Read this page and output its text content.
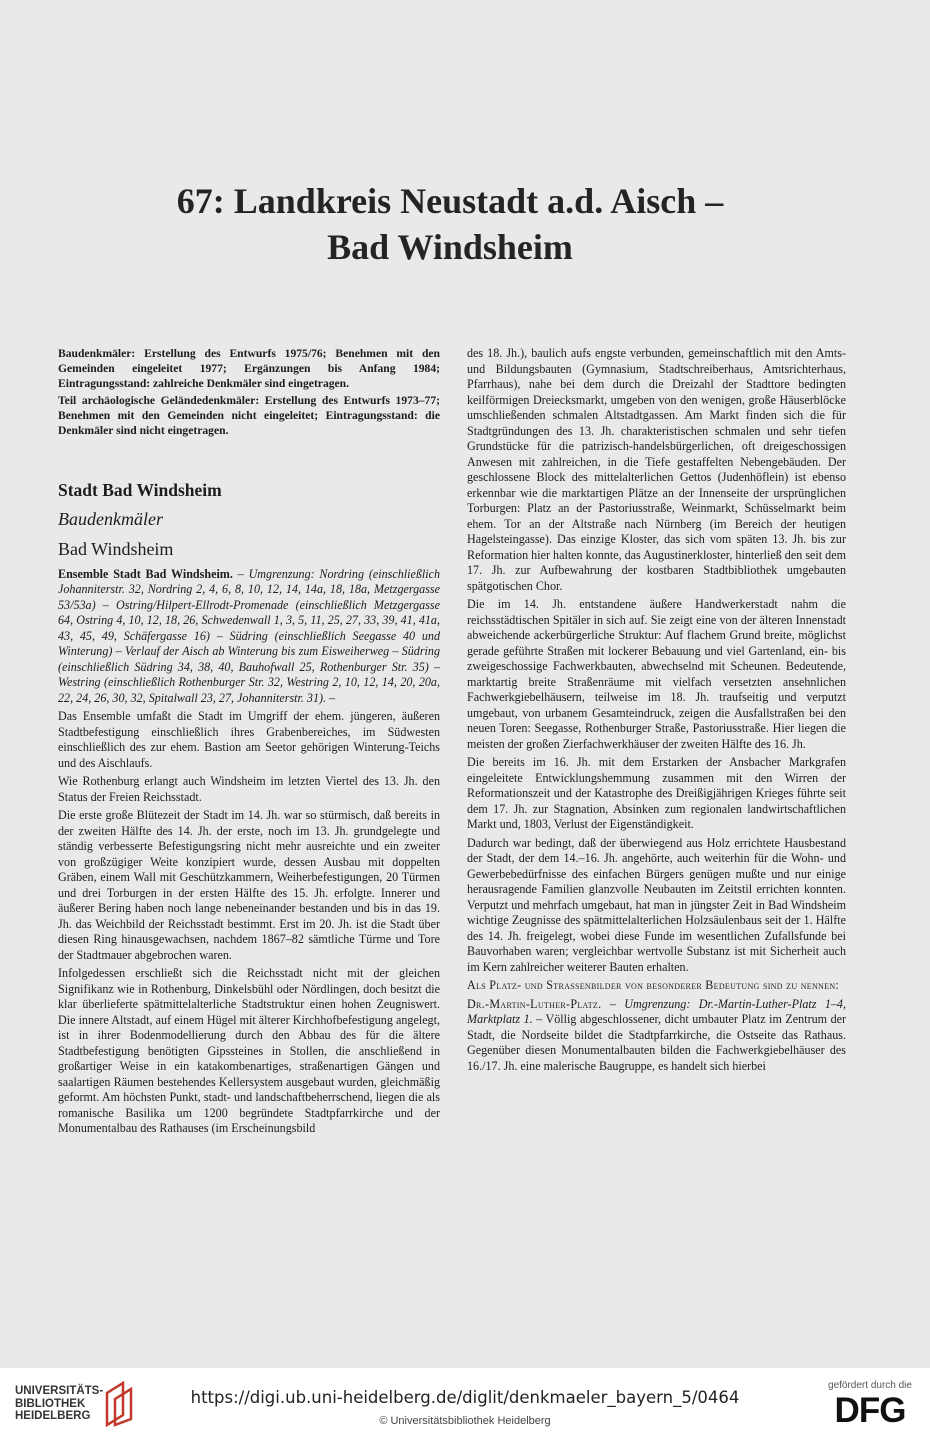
67: Landkreis Neustadt a.d. Aisch –
Bad Windsheim

Baudenkmäler: Erstellung des Entwurfs 1975/76; Benehmen mit den Gemeinden eingeleitet 1977; Ergänzungen bis Anfang 1984; Eintragungsstand: zahlreiche Denkmäler sind eingetragen.

Teil archäologische Geländedenkmäler: Erstellung des Entwurfs 1973–77; Benehmen mit den Gemeinden nicht eingeleitet; Eintragungsstand: die Denkmäler sind nicht eingetragen.

Stadt Bad Windsheim
Baudenkmäler
Bad Windsheim

Ensemble Stadt Bad Windsheim. – Umgrenzung: Nordring (einschließlich Johanniterstr. 32, Nordring 2, 4, 6, 8, 10, 12, 14, 14a, 18, 18a, Metzgergasse 53/53a) – Ostring/Hilpert-Ellrodt-Promenade (einschließlich Metzgergasse 64, Ostring 4, 10, 12, 18, 26, Schwedenwall 1, 3, 5, 11, 25, 27, 33, 39, 41, 41a, 43, 45, 49, Schäfergasse 16) – Südring (einschließlich Seegasse 40 und Winterung) – Verlauf der Aisch ab Winterung bis zum Eisweiherweg – Südring (einschließlich Südring 34, 38, 40, Bauhofwall 25, Rothenburger Str. 35) – Westring (einschließlich Rothenburger Str. 32, Westring 2, 10, 12, 14, 20, 20a, 22, 24, 26, 30, 32, Spitalwall 23, 27, Johanniterstr. 31). –

Das Ensemble umfaßt die Stadt im Umgriff der ehem. jüngeren, äußeren Stadtbefestigung einschließlich ihres Grabenbereiches, im Südwesten einschließlich des zur ehem. Bastion am Seetor gehörigen Winterung-Teichs und des Aischlaufs.

Wie Rothenburg erlangt auch Windsheim im letzten Viertel des 13. Jh. den Status der Freien Reichsstadt.

Die erste große Blütezeit der Stadt im 14. Jh. war so stürmisch, daß bereits in der zweiten Hälfte des 14. Jh. der erste, noch im 13. Jh. grundgelegte und ständig verbesserte Befestigungsring nicht mehr ausreichte und ein zweiter von großzügiger Weite konzipiert wurde, dessen Ausbau mit doppelten Gräben, einem Wall mit Geschützkammern, Weiherbefestigungen, 20 Türmen und drei Torburgen in der ersten Hälfte des 15. Jh. erfolgte. Innerer und äußerer Bering haben noch lange nebeneinander bestanden und bis in das 19. Jh. das Weichbild der Reichsstadt bestimmt. Erst im 20. Jh. ist die Stadt über diesen Ring hinausgewachsen, nachdem 1867–82 sämtliche Türme und Tore der Stadtmauer abgebrochen waren.

Infolgedessen erschließt sich die Reichsstadt nicht mit der gleichen Signifikanz wie in Rothenburg, Dinkelsbühl oder Nördlingen, doch besitzt die klar überlieferte spätmittelalterliche Stadtstruktur einen hohen Zeugniswert. Die innere Altstadt, auf einem Hügel mit älterer Kirchhofbefestigung angelegt, ist in ihrer Bodenmodellierung durch den Abbau des für die ältere Stadtbefestigung benötigten Gipssteines in Stollen, die anschließend in großartiger Weise in ein katakombenartiges, straßenartigen Gängen und saalartigen Räumen bestehendes Kellersystem ausgebaut wurden, gleichmäßig geformt. Am höchsten Punkt, stadt- und landschaftbeherrschend, liegen die als romanische Basilika um 1200 begründete Stadtpfarrkirche und der Monumentalbau des Rathauses (im Erscheinungsbild

des 18. Jh.), baulich aufs engste verbunden, gemeinschaftlich mit den Amts- und Bildungsbauten (Gymnasium, Stadtschreiberhaus, Amtsrichterhaus, Pfarrhaus), nahe bei dem durch die Dreizahl der Stadttore bedingten keilförmigen Dreiecksmarkt, umgeben von den wenigen, große Häuserblöcke umschließenden schmalen Altstadtgassen. Am Markt finden sich die für Stadtgründungen des 13. Jh. charakteristischen schmalen und sehr tiefen Grundstücke für die patrizisch-handelsbürgerlichen, oft dreigeschossigen Anwesen mit zahlreichen, in die Tiefe gestaffelten Nebengebäuden. Der geschlossene Block des mittelalterlichen Gettos (Judenhöflein) ist ebenso erkennbar wie die marktartigen Plätze an der Innenseite der ursprünglichen Torburgen: Platz an der Pastoriusstraße, Weinmarkt, Schüsselmarkt beim ehem. Tor an der Altstraße nach Nürnberg (im Bereich der heutigen Hagelsteingasse). Das einzige Kloster, das sich vom späten 13. Jh. bis zur Reformation hier halten konnte, das Augustinerkloster, hinterließ den seit dem 17. Jh. zur Aufbewahrung der kostbaren Stadtbibliothek umgebauten spätgotischen Chor.

Die im 14. Jh. entstandene äußere Handwerkerstadt nahm die reichsstädtischen Spitäler in sich auf. Sie zeigt eine von der älteren Innenstadt abweichende ackerbürgerliche Struktur: Auf flachem Grund breite, möglichst gerade geführte Straßen mit lockerer Bebauung und viel Gartenland, ein- bis zweigeschossige Fachwerkbauten, abwechselnd mit Scheunen. Bedeutende, marktartig breite Straßenräume mit vielfach versetzten ansehnlichen Fachwerkgiebelhäusern, teilweise im 18. Jh. traufseitig und verputzt umgebaut, von urbanem Gesamteindruck, zeigen die Ausfallstraßen bei den neuen Toren: Seegasse, Rothenburger Straße, Pastoriusstraße. Hier liegen die meisten der großen Zierfachwerkhäuser der zweiten Hälfte des 16. Jh.

Die bereits im 16. Jh. mit dem Erstarken der Ansbacher Markgrafen eingeleitete Entwicklungshemmung zusammen mit den Wirren der Reformationszeit und der Katastrophe des Dreißigjährigen Krieges führte seit dem 17. Jh. zur Stagnation, Absinken zum regionalen landwirtschaftlichen Markt und, 1803, Verlust der Eigenständigkeit.

Dadurch war bedingt, daß der überwiegend aus Holz errichtete Hausbestand der Stadt, der dem 14.–16. Jh. angehörte, auch weiterhin für die Wohn- und Gewerbebedürfnisse des einfachen Bürgers genügen mußte und nur einige herausragende Familien glanzvolle Neubauten im Zeitstil errichten konnten. Verputzt und mehrfach umgebaut, hat man in jüngster Zeit in Bad Windsheim wichtige Zeugnisse des spätmittelalterlichen Holzsäulenbaus seit der 1. Hälfte des 14. Jh. freigelegt, wobei diese Funde im wesentlichen Zufallsfunde bei Bauvorhaben waren; vergleichbar wertvolle Substanz ist mit Sicherheit auch im Kern zahlreicher weiterer Bauten erhalten.

Als Platz- und Strassenbilder von besonderer Bedeutung sind zu nennen:

Dr.-Martin-Luther-Platz. – Umgrenzung: Dr.-Martin-Luther-Platz 1–4, Marktplatz 1. – Völlig abgeschlossener, dicht umbauter Platz im Zentrum der Stadt, die Nordseite bildet die Stadtpfarrkirche, die Ostseite das Rathaus. Gegenüber diesen Monumentalbauten bilden die Fachwerkgiebelhäuser des 16./17. Jh. eine malerische Baugruppe, es handelt sich hierbei

UNIVERSITÄTS-
BIBLIOTHEK
HEIDELBERG
https://digi.ub.uni-heidelberg.de/diglit/denkmaeler_bayern_5/0464
© Universitätsbibliothek Heidelberg
gefördert durch die
DFG
